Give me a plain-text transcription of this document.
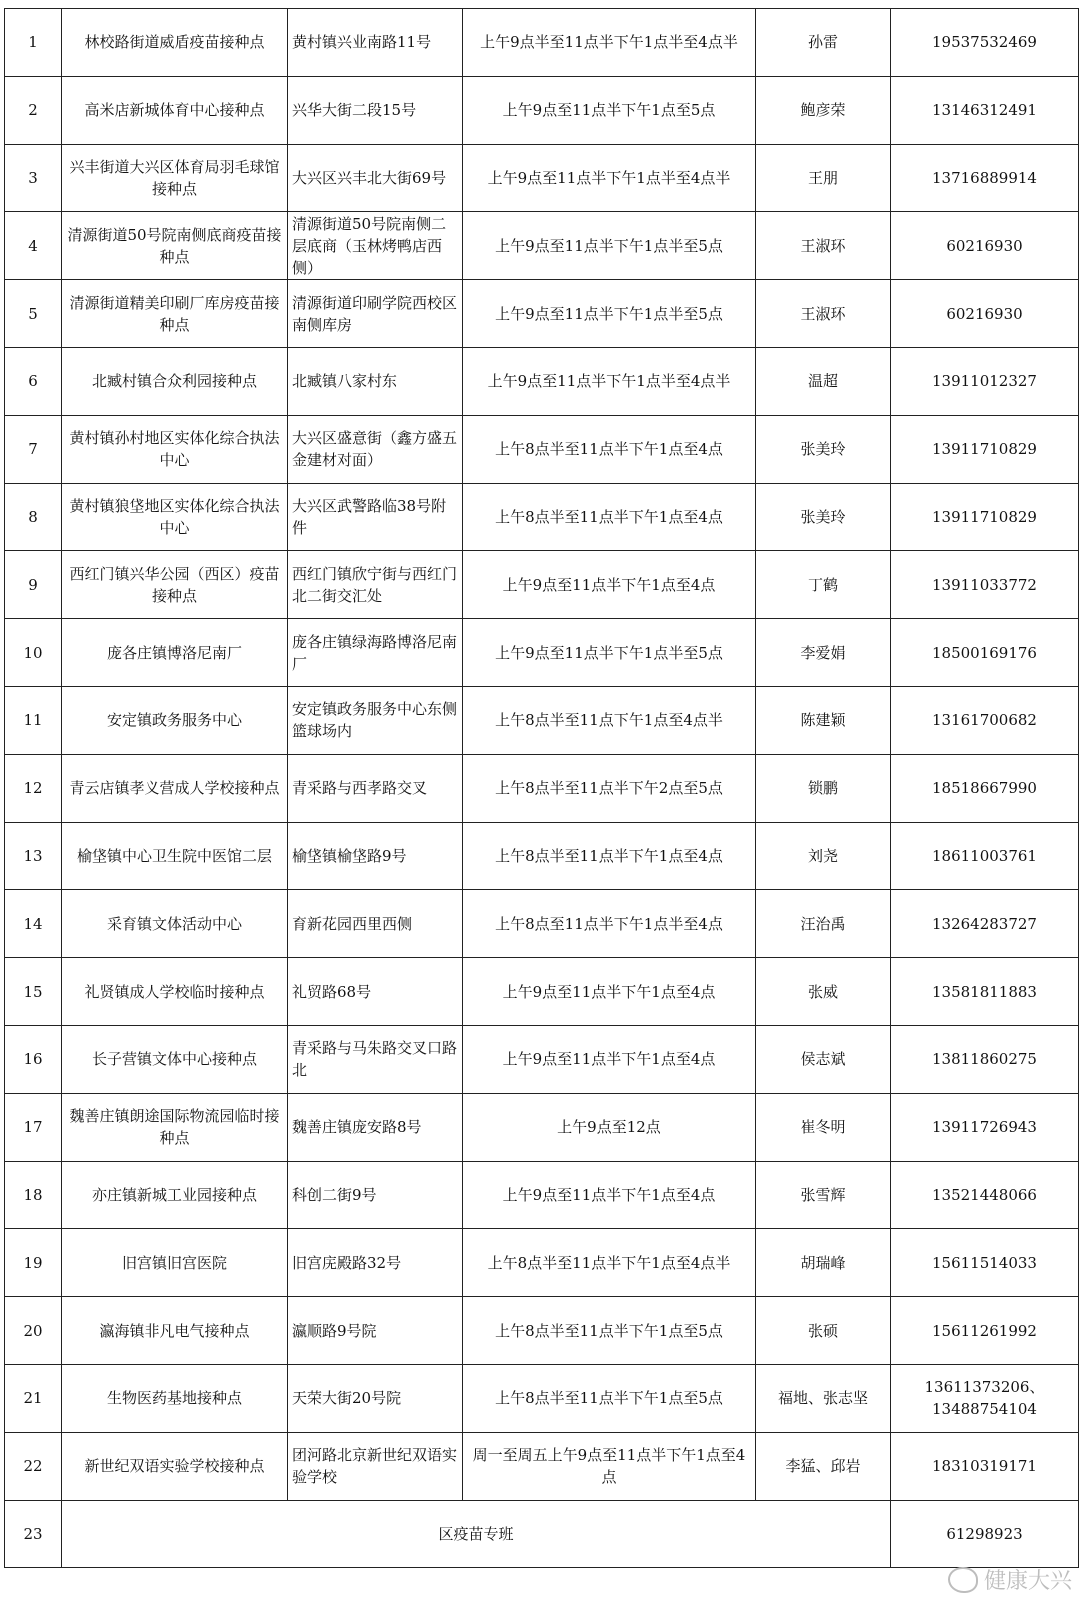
1	林校路街道威盾疫苗接种点	黄村镇兴业南路11号	上午9点半至11点半下午1点半至4点半	孙雷	19537532469
2	高米店新城体育中心接种点	兴华大街二段15号	上午9点至11点半下午1点至5点	鲍彦荣	13146312491
3	兴丰街道大兴区体育局羽毛球馆接种点	大兴区兴丰北大街69号	上午9点至11点半下午1点半至4点半	王朋	13716889914
4	清源街道50号院南侧底商疫苗接种点	清源街道50号院南侧二层底商（玉林烤鸭店西侧）	上午9点至11点半下午1点半至5点	王淑环	60216930
5	清源街道精美印刷厂库房疫苗接种点	清源街道印刷学院西校区南侧库房	上午9点至11点半下午1点半至5点	王淑环	60216930
6	北臧村镇合众利园接种点	北臧镇八家村东	上午9点至11点半下午1点半至4点半	温超	13911012327
7	黄村镇孙村地区实体化综合执法中心	大兴区盛意街（鑫方盛五金建材对面）	上午8点半至11点半下午1点至4点	张美玲	13911710829
8	黄村镇狼垡地区实体化综合执法中心	大兴区武警路临38号附件	上午8点半至11点半下午1点至4点	张美玲	13911710829
9	西红门镇兴华公园（西区）疫苗接种点	西红门镇欣宁街与西红门北二街交汇处	上午9点至11点半下午1点至4点	丁鹤	13911033772
10	庞各庄镇博洛尼南厂	庞各庄镇绿海路博洛尼南厂	上午9点至11点半下午1点半至5点	李爱娟	18500169176
11	安定镇政务服务中心	安定镇政务服务中心东侧篮球场内	上午8点半至11点下午1点至4点半	陈建颖	13161700682
12	青云店镇孝义营成人学校接种点	青采路与西孝路交叉	上午8点半至11点半下午2点至5点	锁鹏	18518667990
13	榆垡镇中心卫生院中医馆二层	榆垡镇榆垡路9号	上午8点半至11点半下午1点至4点	刘尧	18611003761
14	采育镇文体活动中心	育新花园西里西侧	上午8点至11点半下午1点半至4点	汪治禹	13264283727
15	礼贤镇成人学校临时接种点	礼贸路68号	上午9点至11点半下午1点至4点	张威	13581811883
16	长子营镇文体中心接种点	青采路与马朱路交叉口路北	上午9点至11点半下午1点至4点	侯志斌	13811860275
17	魏善庄镇朗途国际物流园临时接种点	魏善庄镇庞安路8号	上午9点至12点	崔冬明	13911726943
18	亦庄镇新城工业园接种点	科创二街9号	上午9点至11点半下午1点至4点	张雪辉	13521448066
19	旧宫镇旧宫医院	旧宫庑殿路32号	上午8点半至11点半下午1点至4点半	胡瑞峰	15611514033
20	瀛海镇非凡电气接种点	瀛顺路9号院	上午8点半至11点半下午1点至5点	张硕	15611261992
21	生物医药基地接种点	天荣大街20号院	上午8点半至11点半下午1点至5点	福地、张志坚	13611373206、13488754104
22	新世纪双语实验学校接种点	团河路北京新世纪双语实验学校	周一至周五上午9点至11点半下午1点至4点	李猛、邱岩	18310319171
23	区疫苗专班				61298923
健康大兴
